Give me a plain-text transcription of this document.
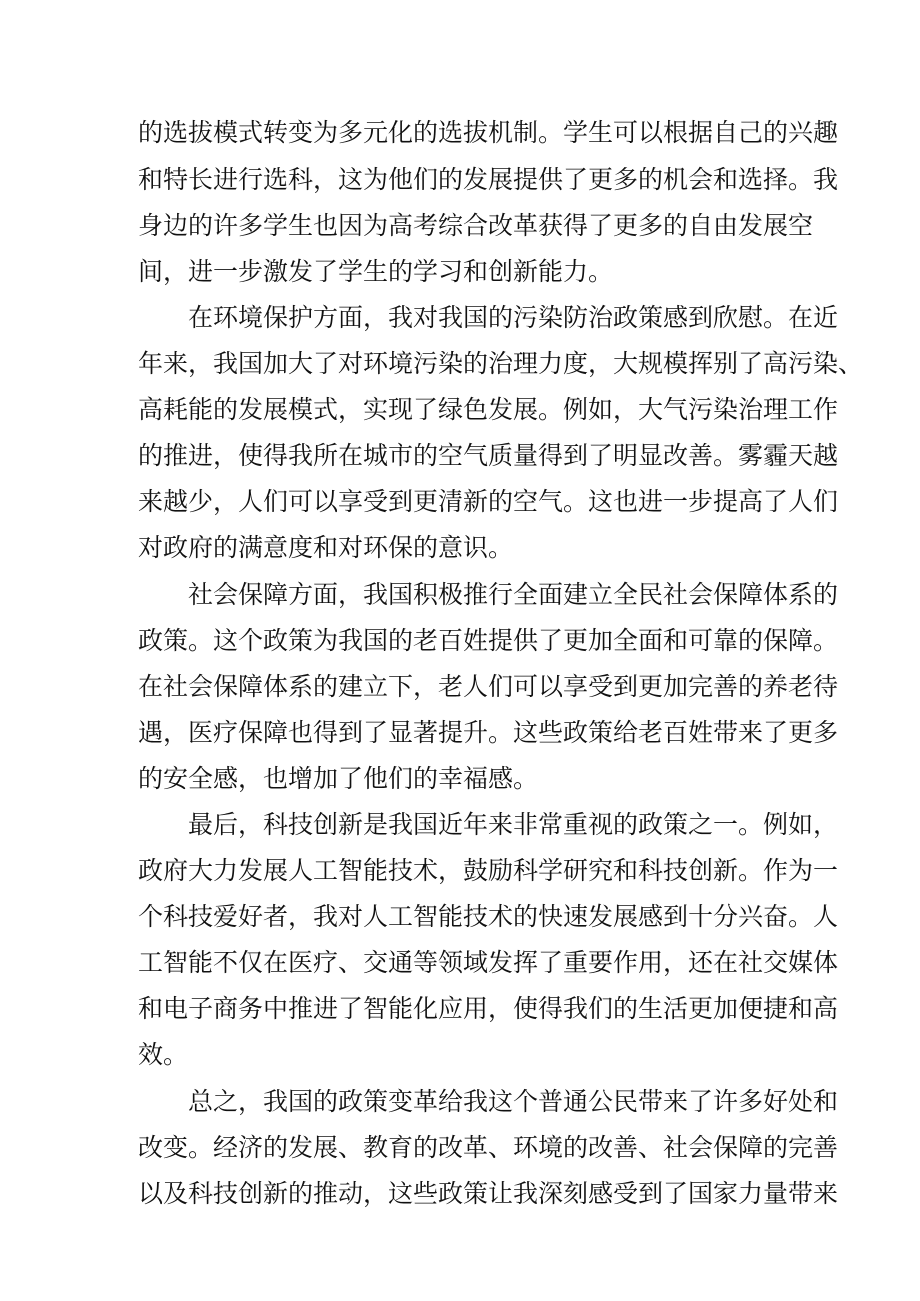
的选拔模式转变为多元化的选拔机制。学生可以根据自己的兴趣
和特长进行选科，这为他们的发展提供了更多的机会和选择。我
身边的许多学生也因为高考综合改革获得了更多的自由发展空
间，进一步激发了学生的学习和创新能力。
在环境保护方面，我对我国的污染防治政策感到欣慰。在近
年来，我国加大了对环境污染的治理力度，大规模挥别了高污染、
高耗能的发展模式，实现了绿色发展。例如，大气污染治理工作
的推进，使得我所在城市的空气质量得到了明显改善。雾霾天越
来越少，人们可以享受到更清新的空气。这也进一步提高了人们
对政府的满意度和对环保的意识。
社会保障方面，我国积极推行全面建立全民社会保障体系的
政策。这个政策为我国的老百姓提供了更加全面和可靠的保障。
在社会保障体系的建立下，老人们可以享受到更加完善的养老待
遇，医疗保障也得到了显著提升。这些政策给老百姓带来了更多
的安全感，也增加了他们的幸福感。
最后，科技创新是我国近年来非常重视的政策之一。例如，
政府大力发展人工智能技术，鼓励科学研究和科技创新。作为一
个科技爱好者，我对人工智能技术的快速发展感到十分兴奋。人
工智能不仅在医疗、交通等领域发挥了重要作用，还在社交媒体
和电子商务中推进了智能化应用，使得我们的生活更加便捷和高
效。
总之，我国的政策变革给我这个普通公民带来了许多好处和
改变。经济的发展、教育的改革、环境的改善、社会保障的完善
以及科技创新的推动，这些政策让我深刻感受到了国家力量带来
